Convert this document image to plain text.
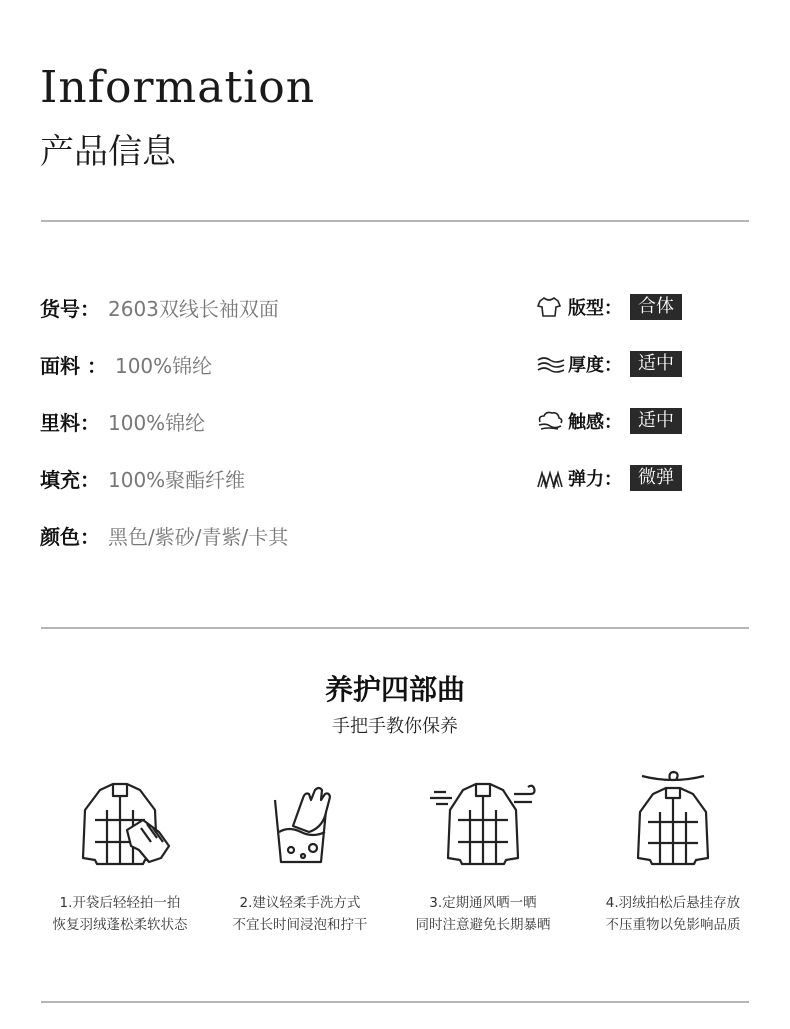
Information
产品信息
货号： 2603双线长袖双面
面料 ： 100%锦纶
里料： 100%锦纶
填充： 100%聚酯纤维
颜色： 黑色/紫砂/青紫/卡其
版型： 合体
厚度： 适中
触感： 适中
弹力： 微弹
养护四部曲
手把手教你保养
1.开袋后轻轻拍一拍
恢复羽绒蓬松柔软状态
2.建议轻柔手洗方式
不宜长时间浸泡和拧干
3.定期通风晒一晒
同时注意避免长期暴晒
4.羽绒拍松后悬挂存放
不压重物以免影响品质
